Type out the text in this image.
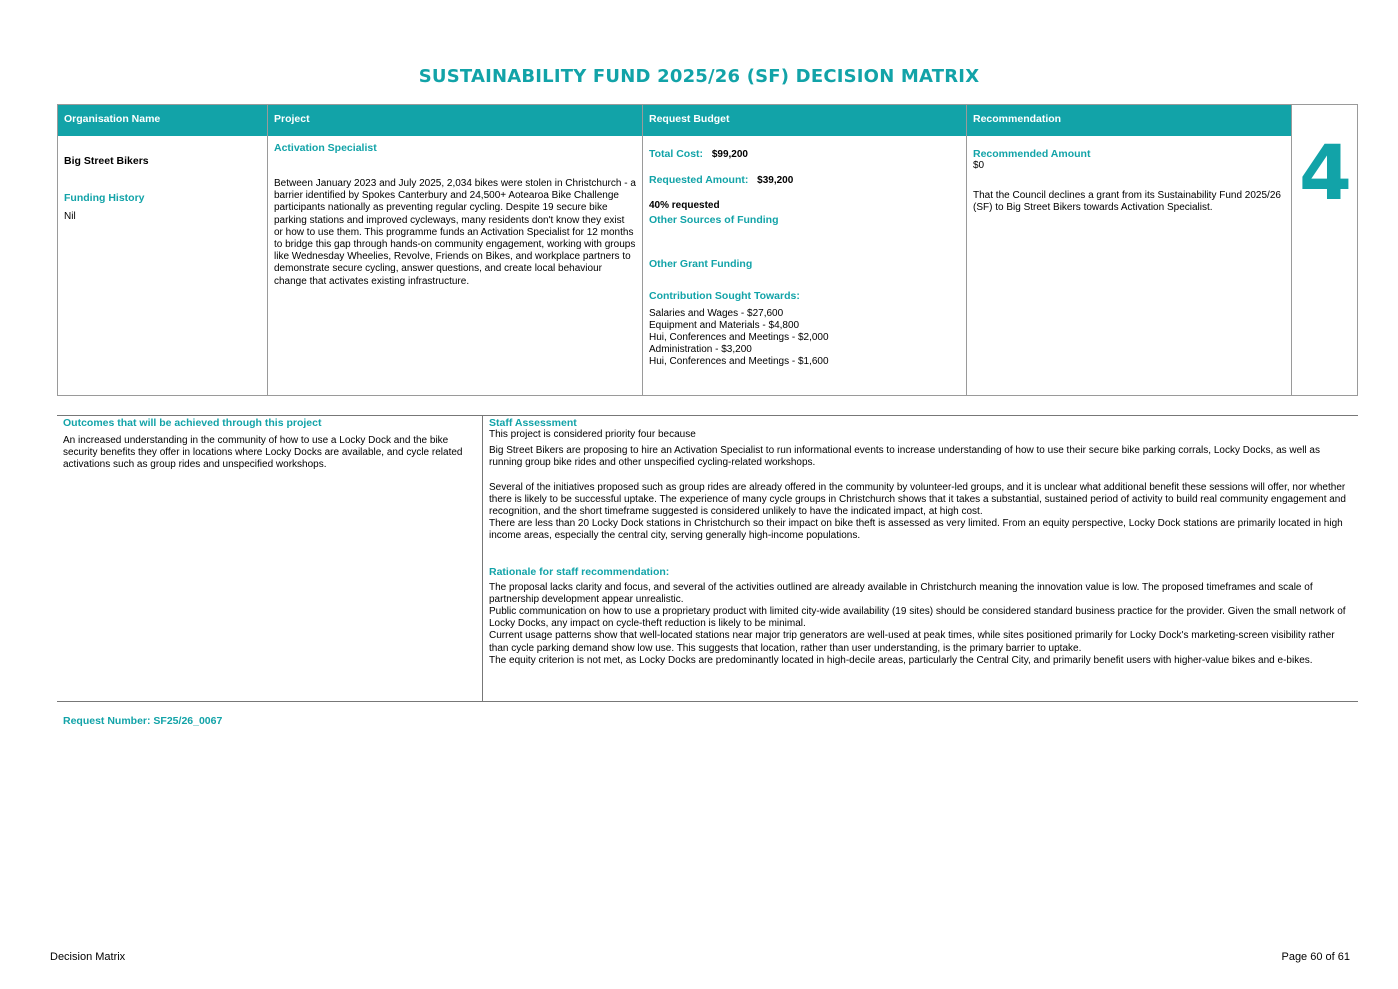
SUSTAINABILITY FUND 2025/26 (SF) DECISION MATRIX
Organisation Name
Big Street Bikers
Funding History
Nil
Project
Activation Specialist
Between January 2023 and July 2025, 2,034 bikes were stolen in Christchurch - a barrier identified by Spokes Canterbury and 24,500+ Aotearoa Bike Challenge participants nationally as preventing regular cycling. Despite 19 secure bike parking stations and improved cycleways, many residents don't know they exist or how to use them. This programme funds an Activation Specialist for 12 months to bridge this gap through hands-on community engagement, working with groups like Wednesday Wheelies, Revolve, Friends on Bikes, and workplace partners to demonstrate secure cycling, answer questions, and create local behaviour change that activates existing infrastructure.
Request Budget
Total Cost: $99,200
Requested Amount: $39,200
40% requested
Other Sources of Funding
Other Grant Funding
Contribution Sought Towards:
Salaries and Wages - $27,600
Equipment and Materials - $4,800
Hui, Conferences and Meetings - $2,000
Administration - $3,200
Hui, Conferences and Meetings - $1,600
Recommendation
Recommended Amount
$0
That the Council declines a grant from its Sustainability Fund 2025/26 (SF) to Big Street Bikers towards Activation Specialist.	4
Outcomes that will be achieved through this project
An increased understanding in the community of how to use a Locky Dock and the bike security benefits they offer in locations where Locky Docks are available, and cycle related activations such as group rides and unspecified workshops.
Staff Assessment
This project is considered priority four because
Big Street Bikers are proposing to hire an Activation Specialist to run informational events to increase understanding of how to use their secure bike parking corrals, Locky Docks, as well as running group bike rides and other unspecified cycling-related workshops.
Several of the initiatives proposed such as group rides are already offered in the community by volunteer-led groups, and it is unclear what additional benefit these sessions will offer, nor whether there is likely to be successful uptake. The experience of many cycle groups in Christchurch shows that it takes a substantial, sustained period of activity to build real community engagement and recognition, and the short timeframe suggested is considered unlikely to have the indicated impact, at high cost.
There are less than 20 Locky Dock stations in Christchurch so their impact on bike theft is assessed as very limited. From an equity perspective, Locky Dock stations are primarily located in high income areas, especially the central city, serving generally high-income populations.
Rationale for staff recommendation:
The proposal lacks clarity and focus, and several of the activities outlined are already available in Christchurch meaning the innovation value is low. The proposed timeframes and scale of partnership development appear unrealistic.
Public communication on how to use a proprietary product with limited city-wide availability (19 sites) should be considered standard business practice for the provider. Given the small network of Locky Docks, any impact on cycle-theft reduction is likely to be minimal.
Current usage patterns show that well-located stations near major trip generators are well-used at peak times, while sites positioned primarily for Locky Dock's marketing-screen visibility rather than cycle parking demand show low use. This suggests that location, rather than user understanding, is the primary barrier to uptake.
The equity criterion is not met, as Locky Docks are predominantly located in high-decile areas, particularly the Central City, and primarily benefit users with higher-value bikes and e-bikes.
Request Number: SF25/26_0067
Decision Matrix	Page 60 of 61
